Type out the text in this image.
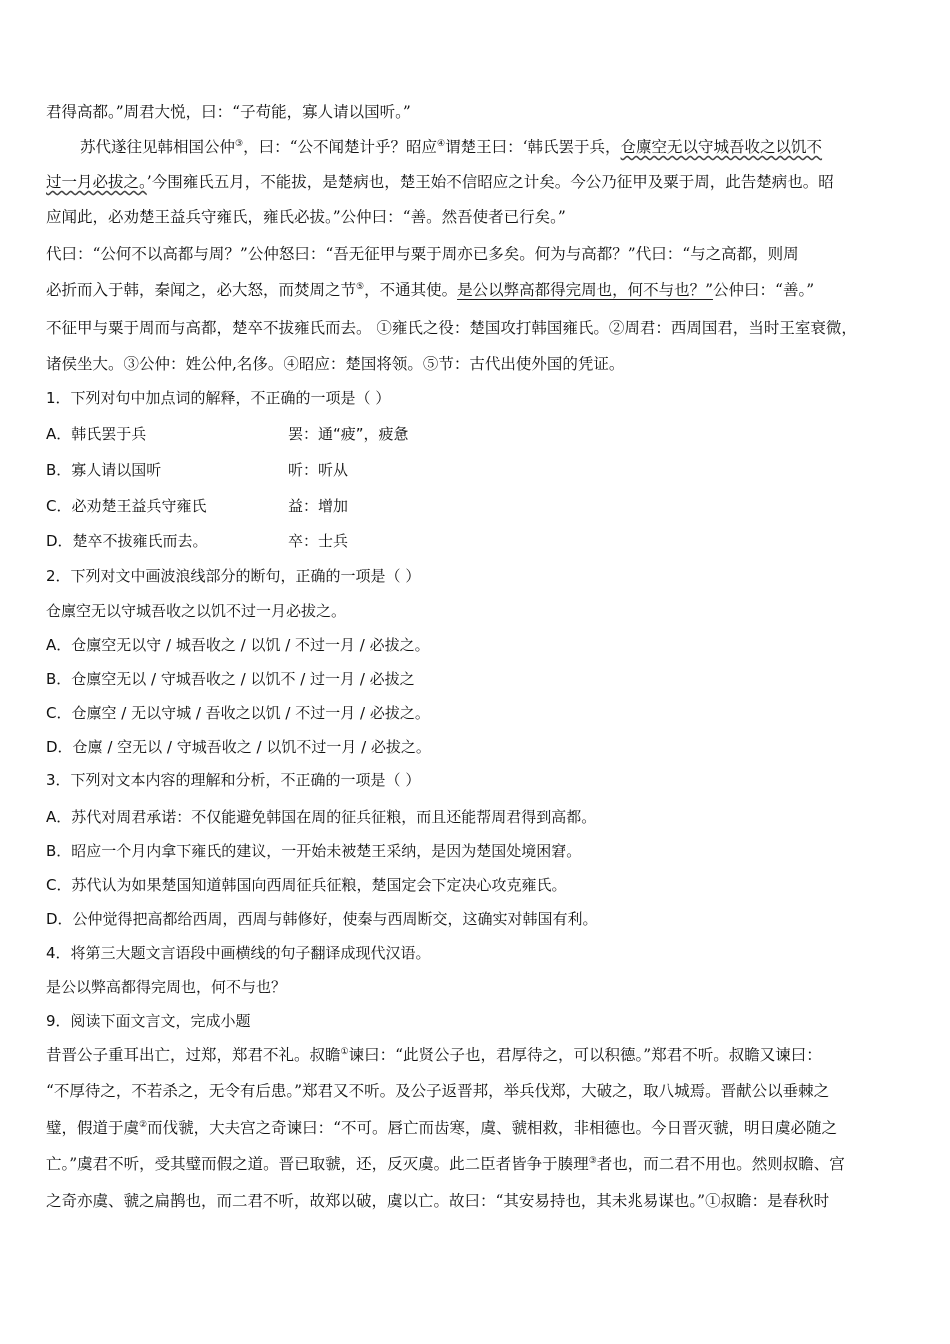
君得高都。”周君大悦，曰：“子苟能，寡人请以国听。”
苏代遂往见韩相国公仲③，曰：“公不闻楚计乎？昭应④谓楚王曰：‘韩氏罢于兵，仓廪空无以守城吾收之以饥不
过一月必拔之。’今围雍氏五月，不能拔，是楚病也，楚王始不信昭应之计矣。今公乃征甲及粟于周，此告楚病也。昭
应闻此，必劝楚王益兵守雍氏，雍氏必拔。”公仲曰：“善。然吾使者已行矣。”
代曰：“公何不以高都与周？”公仲怒曰：“吾无征甲与粟于周亦已多矣。何为与高都？”代曰：“与之高都，则周
必折而入于韩，秦闻之，必大怒，而焚周之节⑤，不通其使。是公以弊高都得完周也，何不与也？”公仲曰：“善。”
不征甲与粟于周而与高都，楚卒不拔雍氏而去。 ①雍氏之役：楚国攻打韩国雍氏。②周君：西周国君，当时王室衰微，
诸侯坐大。③公仲：姓公仲,名侈。④昭应：楚国将领。⑤节：古代出使外国的凭证。
1．下列对句中加点词的解释，不正确的一项是（ ）
A．韩氏罢于兵	罢：通“疲”，疲惫
B．寡人请以国听	听：听从
C．必劝楚王益兵守雍氏	益：增加
D．楚卒不拔雍氏而去。	卒：士兵
2．下列对文中画波浪线部分的断句，正确的一项是（ ）
仓廪空无以守城吾收之以饥不过一月必拔之。
A．仓廪空无以守 / 城吾收之 / 以饥 / 不过一月 / 必拔之。
B．仓廪空无以 / 守城吾收之 / 以饥不 / 过一月 / 必拔之
C．仓廪空 / 无以守城 / 吾收之以饥 / 不过一月 / 必拔之。
D．仓廪 / 空无以 / 守城吾收之 / 以饥不过一月 / 必拔之。
3．下列对文本内容的理解和分析，不正确的一项是（ ）
A．苏代对周君承诺：不仅能避免韩国在周的征兵征粮，而且还能帮周君得到高都。
B．昭应一个月内拿下雍氏的建议，一开始未被楚王采纳，是因为楚国处境困窘。
C．苏代认为如果楚国知道韩国向西周征兵征粮，楚国定会下定决心攻克雍氏。
D．公仲觉得把高都给西周，西周与韩修好，使秦与西周断交，这确实对韩国有利。
4．将第三大题文言语段中画横线的句子翻译成现代汉语。
是公以弊高都得完周也，何不与也？
9．阅读下面文言文，完成小题
昔晋公子重耳出亡，过郑，郑君不礼。叔瞻①谏曰：“此贤公子也，君厚待之，可以积德。”郑君不听。叔瞻又谏曰：
“不厚待之，不若杀之，无令有后患。”郑君又不听。及公子返晋邦，举兵伐郑，大破之，取八城焉。晋献公以垂棘之
璧，假道于虞②而伐虢，大夫宫之奇谏曰：“不可。唇亡而齿寒，虞、虢相救，非相德也。今日晋灭虢，明日虞必随之
亡。”虞君不听，受其璧而假之道。晋已取虢，还，反灭虞。此二臣者皆争于腠理③者也，而二君不用也。然则叔瞻、宫
之奇亦虞、虢之扁鹊也，而二君不听，故郑以破，虞以亡。故曰：“其安易持也，其未兆易谋也。”①叔瞻：是春秋时
